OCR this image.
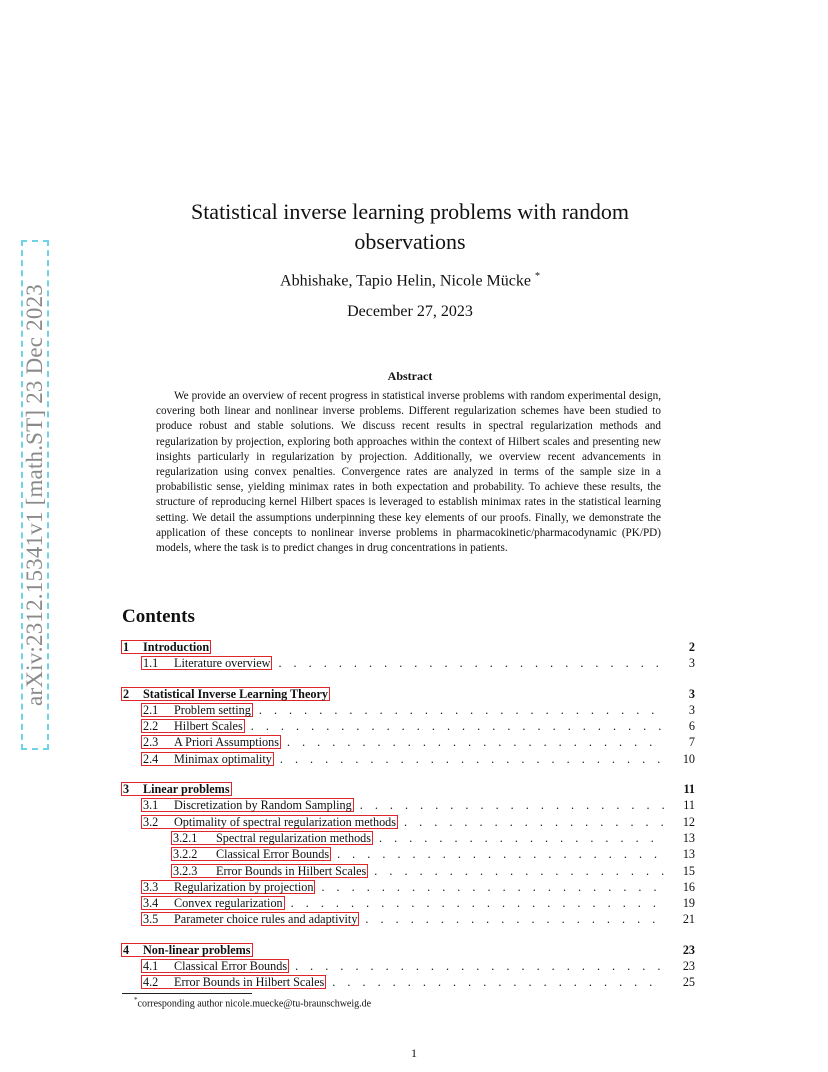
arXiv:2312.15341v1 [math.ST] 23 Dec 2023
Statistical inverse learning problems with random
observations
Abhishake, Tapio Helin, Nicole Mücke *
December 27, 2023
Abstract

We provide an overview of recent progress in statistical inverse problems with random experimental design, covering both linear and nonlinear inverse problems. Different regularization schemes have been studied to produce robust and stable solutions. We discuss recent results in spectral regularization methods and regularization by projection, exploring both approaches within the context of Hilbert scales and presenting new insights particularly in regularization by projection. Additionally, we overview recent advancements in regularization using convex penalties. Convergence rates are analyzed in terms of the sample size in a probabilistic sense, yielding minimax rates in both expectation and probability. To achieve these results, the structure of reproducing kernel Hilbert spaces is leveraged to establish minimax rates in the statistical learning setting. We detail the assumptions underpinning these key elements of our proofs. Finally, we demonstrate the application of these concepts to nonlinear inverse problems in pharmacokinetic/pharmacodynamic (PK/PD) models, where the task is to predict changes in drug concentrations in patients.

Contents
1 Introduction	2
1.1 Literature overview . . .	3
2 Statistical Inverse Learning Theory	3
2.1 Problem setting . . .	3
2.2 Hilbert Scales . . .	6
2.3 A Priori Assumptions . . .	7
2.4 Minimax optimality . . .	10
3 Linear problems	11
3.1 Discretization by Random Sampling . . .	11
3.2 Optimality of spectral regularization methods . . .	12
3.2.1 Spectral regularization methods . . .	13
3.2.2 Classical Error Bounds . . .	13
3.2.3 Error Bounds in Hilbert Scales . . .	15
3.3 Regularization by projection . . .	16
3.4 Convex regularization . . .	19
3.5 Parameter choice rules and adaptivity . . .	21
4 Non-linear problems	23
4.1 Classical Error Bounds . . .	23
4.2 Error Bounds in Hilbert Scales . . .	25
*corresponding author nicole.muecke@tu-braunschweig.de
1
